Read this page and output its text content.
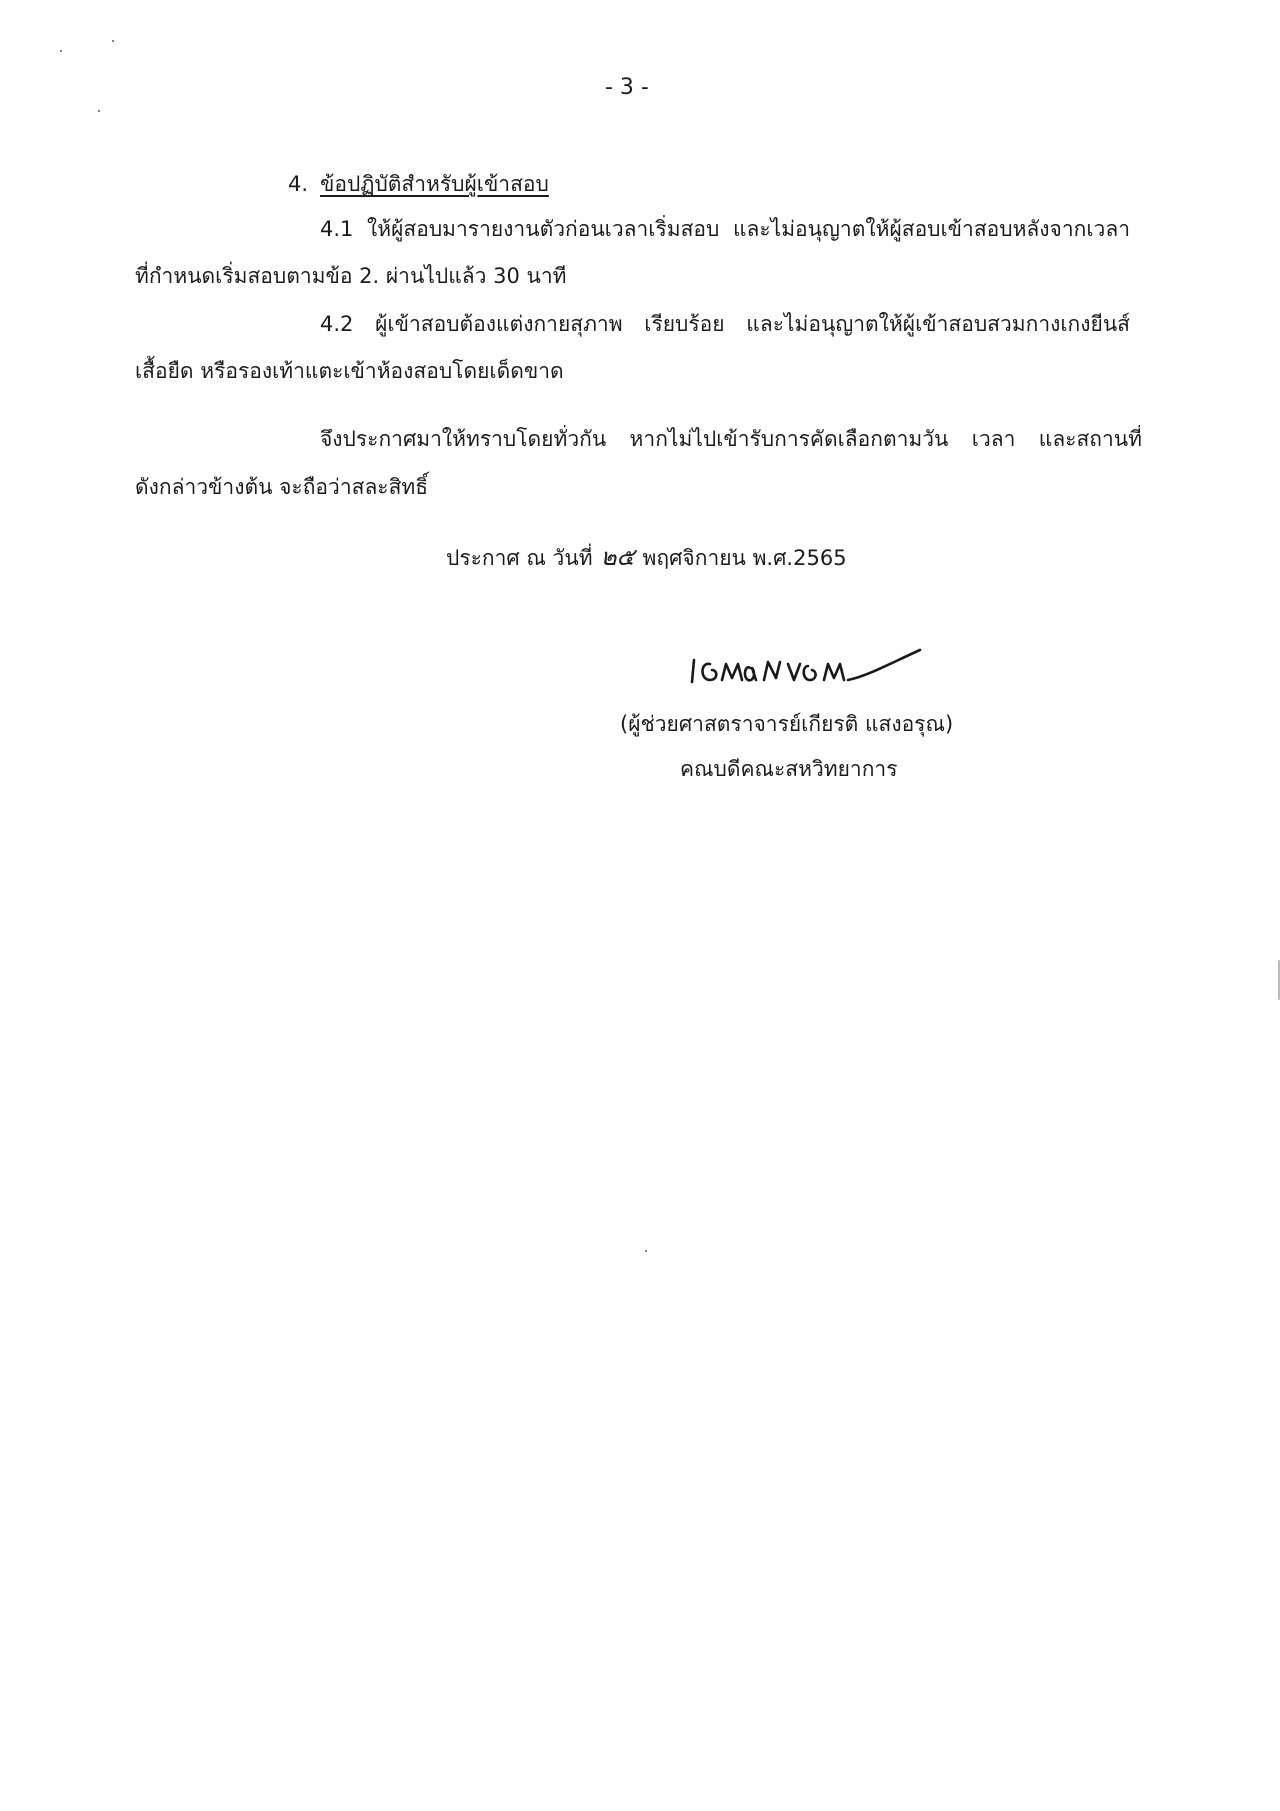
- 3 -
4. ข้อปฏิบัติสำหรับผู้เข้าสอบ
4.1 ให้ผู้สอบมารายงานตัวก่อนเวลาเริ่มสอบ และไม่อนุญาตให้ผู้สอบเข้าสอบหลังจากเวลา
ที่กำหนดเริ่มสอบตามข้อ 2. ผ่านไปแล้ว 30 นาที
4.2 ผู้เข้าสอบต้องแต่งกายสุภาพ เรียบร้อย และไม่อนุญาตให้ผู้เข้าสอบสวมกางเกงยีนส์
เสื้อยืด หรือรองเท้าแตะเข้าห้องสอบโดยเด็ดขาด
จึงประกาศมาให้ทราบโดยทั่วกัน หากไม่ไปเข้ารับการคัดเลือกตามวัน เวลา และสถานที่
ดังกล่าวข้างต้น จะถือว่าสละสิทธิ์
ประกาศ ณ วันที่ ๒๕ พฤศจิกายน พ.ศ.2565
(ผู้ช่วยศาสตราจารย์เกียรติ แสงอรุณ)
คณบดีคณะสหวิทยาการ
